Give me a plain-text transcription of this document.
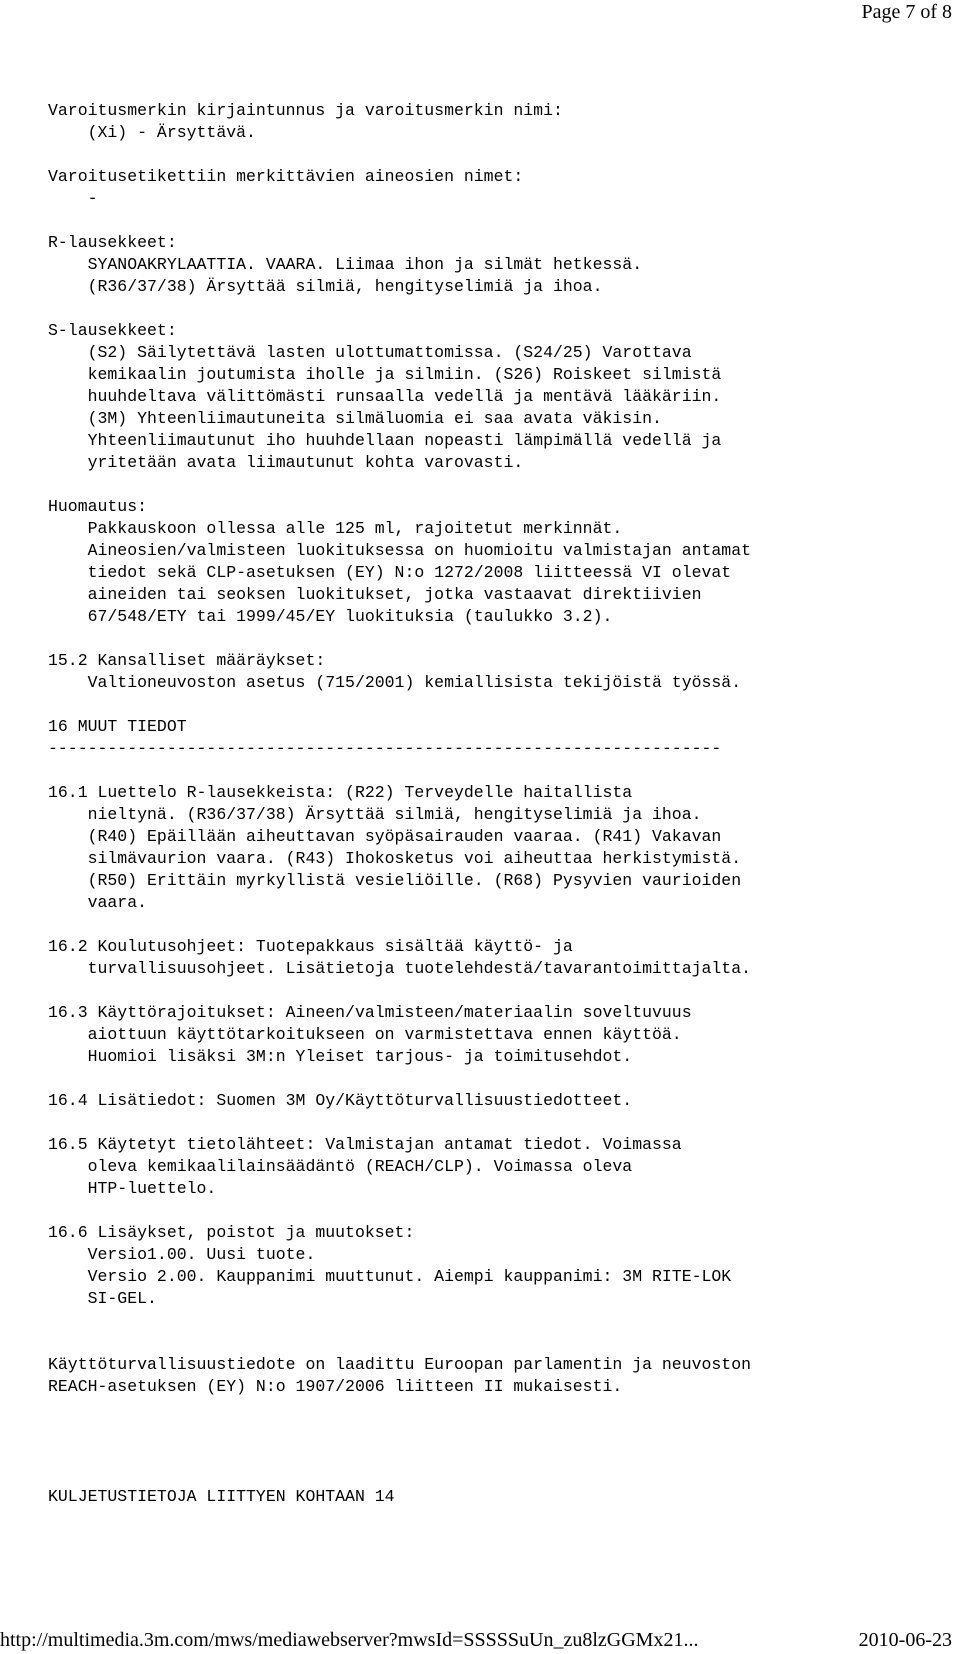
Page 7 of 8
Varoitusmerkin kirjaintunnus ja varoitusmerkin nimi:
(Xi) - Ärsyttävä.
Varoitusetikettiin merkittävien aineosien nimet:
-
R-lausekkeet:
SYANOAKRYLAATTIA. VAARA. Liimaa ihon ja silmät hetkessä.
(R36/37/38) Ärsyttää silmiä, hengityselimiä ja ihoa.
S-lausekkeet:
(S2) Säilytettävä lasten ulottumattomissa. (S24/25) Varottava
kemikaalin joutumista iholle ja silmiin. (S26) Roiskeet silmistä
huuhdeltava välittömästi runsaalla vedellä ja mentävä lääkäriin.
(3M) Yhteenliimautuneita silmäluomia ei saa avata väkisin.
Yhteenliimautunut iho huuhdellaan nopeasti lämpimällä vedellä ja
yritetään avata liimautunut kohta varovasti.
Huomautus:
Pakkauskoon ollessa alle 125 ml, rajoitetut merkinnät.
Aineosien/valmisteen luokituksessa on huomioitu valmistajan antamat
tiedot sekä CLP-asetuksen (EY) N:o 1272/2008 liitteessä VI olevat
aineiden tai seoksen luokitukset, jotka vastaavat direktiivien
67/548/ETY tai 1999/45/EY luokituksia (taulukko 3.2).
15.2 Kansalliset määräykset:
Valtioneuvoston asetus (715/2001) kemiallisista tekijöistä työssä.
16 MUUT TIEDOT
--------------------------------------------------------------------
16.1 Luettelo R-lausekkeista: (R22) Terveydelle haitallista
nieltynä. (R36/37/38) Ärsyttää silmiä, hengityselimiä ja ihoa.
(R40) Epäillään aiheuttavan syöpäsairauden vaaraa. (R41) Vakavan
silmävaurion vaara. (R43) Ihokosketus voi aiheuttaa herkistymistä.
(R50) Erittäin myrkyllistä vesieliöille. (R68) Pysyvien vaurioiden
vaara.
16.2 Koulutusohjeet: Tuotepakkaus sisältää käyttö- ja
turvallisuusohjeet. Lisätietoja tuotelehdestä/tavarantoimittajalta.
16.3 Käyttörajoitukset: Aineen/valmisteen/materiaalin soveltuvuus
aiottuun käyttötarkoitukseen on varmistettava ennen käyttöä.
Huomioi lisäksi 3M:n Yleiset tarjous- ja toimitusehdot.
16.4 Lisätiedot: Suomen 3M Oy/Käyttöturvallisuustiedotteet.
16.5 Käytetyt tietolähteet: Valmistajan antamat tiedot. Voimassa
oleva kemikaalilainsäädäntö (REACH/CLP). Voimassa oleva
HTP-luettelo.
16.6 Lisäykset, poistot ja muutokset:
Versio1.00. Uusi tuote.
Versio 2.00. Kauppanimi muuttunut. Aiempi kauppanimi: 3M RITE-LOK
SI-GEL.
Käyttöturvallisuustiedote on laadittu Euroopan parlamentin ja neuvoston
REACH-asetuksen (EY) N:o 1907/2006 liitteen II mukaisesti.
KULJETUSTIETOJA LIITTYEN KOHTAAN 14
http://multimedia.3m.com/mws/mediawebserver?mwsId=SSSSSuUn_zu8lzGGMx21...	2010-06-23
